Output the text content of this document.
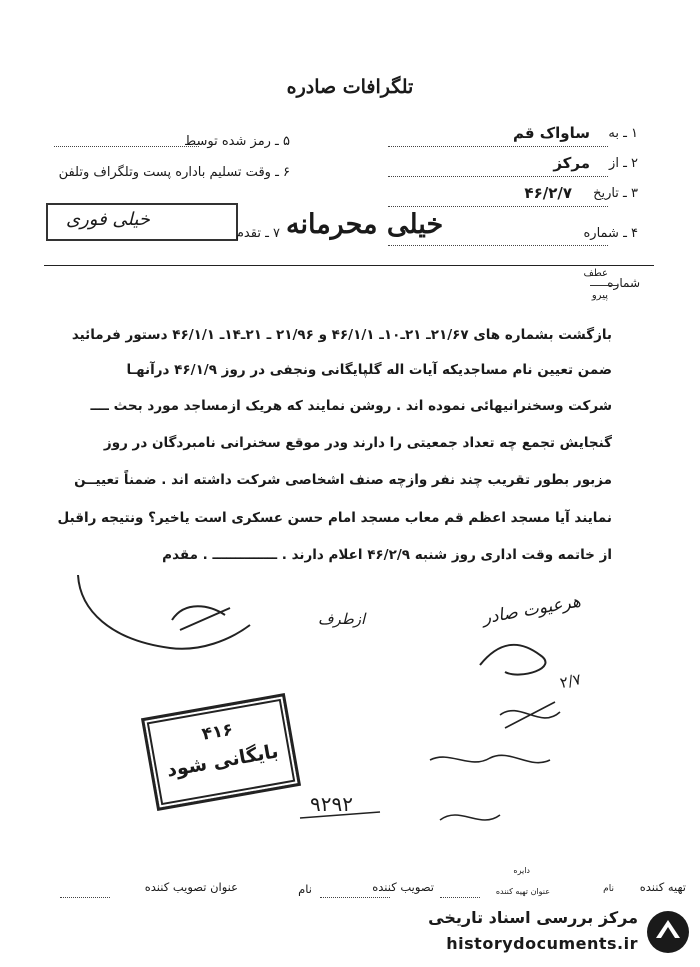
تلگرافات صادره
۱ ـ به
ساواک قم
۲ ـ از
مرکز
۳ ـ تاریخ
۴۶/۲/۷
۴ ـ شماره
۵ ـ رمز شده توسط
۶ ـ وقت تسلیم باداره پست وتلگراف وتلفن
خیلی فوری
۷ ـ تقدم خیلی محرمانه
شماره
عطف
پیرو
بازگشت بشماره های ۲۱/۶۷ـ ۲۱ـ۱۰ـ ۴۶/۱/۱ و ۲۱/۹۶ ـ ۲۱ـ۱۴ـ ۴۶/۱/۱ دستور فرمائید
ضمن تعیین نام مساجدیکه آیات اله گلپایگانی ونجفی در روز ۴۶/۱/۹ درآنهـا
شرکت وسخنرانیهائی نموده اند . روشن نمایند که هریک ازمساجد مورد بحث ــــ
گنجایش تجمع چه تعداد جمعیتی را دارند ودر موقع سخنرانی نامبردگان در روز
مزبور بطور تقریب چند نفر وازچه صنف اشخاصی شرکت داشته اند . ضمناً تعییــن
نمایند آیا مسجد اعظم قم معاب مسجد امام حسن عسکری است یاخیر؟ ونتیجه راقبل
از خاتمه وقت اداری روز شنبه ۴۶/۲/۹ اعلام دارند . ــــــــــــــ . مقدم
ازطرف	هرعیوت صادر
۲/۷
۹۲۹۲
۴۱۶
بایگانی شود
تهیه کننده
نام
دایره
عنوان تهیه کننده
تصویب کننده
نام
عنوان تصویب کننده
مرکز بررسی اسناد تاریخی
historydocuments.ir
